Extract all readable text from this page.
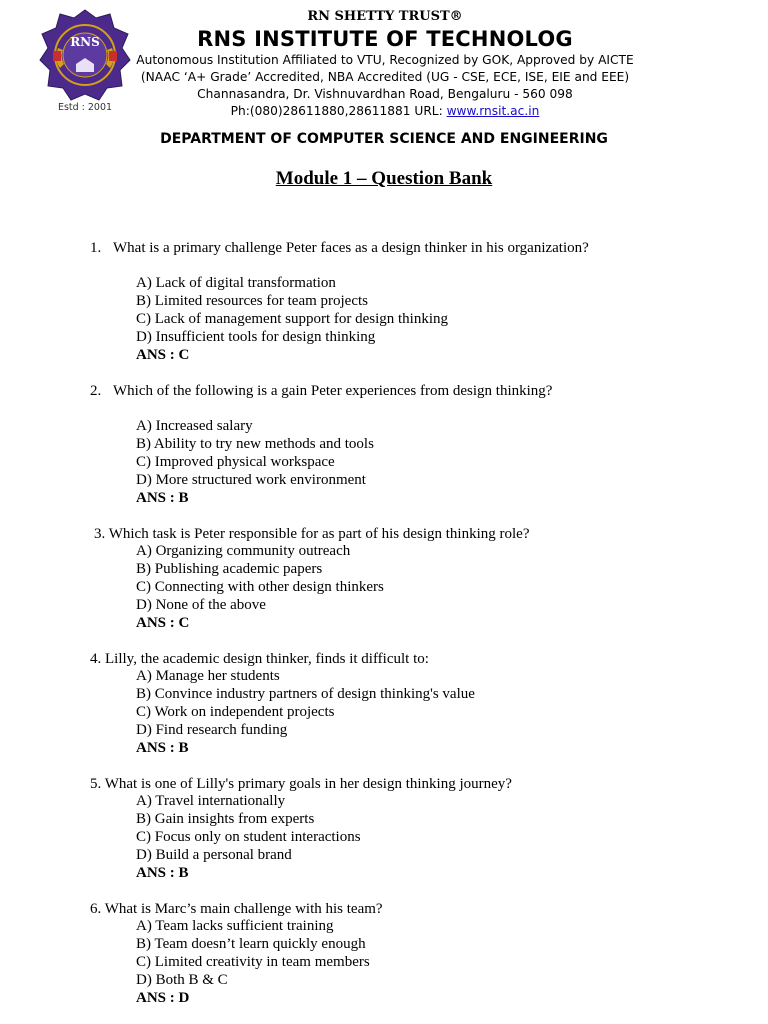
RNS
Estd : 2001
RN SHETTY TRUST®
RNS INSTITUTE OF TECHNOLOG
Autonomous Institution Affiliated to VTU, Recognized by GOK, Approved by AICTE
(NAAC ‘A+ Grade’ Accredited, NBA Accredited (UG - CSE, ECE, ISE, EIE and EEE)
Channasandra, Dr. Vishnuvardhan Road, Bengaluru - 560 098
Ph:(080)28611880,28611881 URL: www.rnsit.ac.in
DEPARTMENT OF COMPUTER SCIENCE AND ENGINEERING
Module 1 – Question Bank
1. What is a primary challenge Peter faces as a design thinker in his organization?
A) Lack of digital transformation
B) Limited resources for team projects
C) Lack of management support for design thinking
D) Insufficient tools for design thinking
ANS : C
2. Which of the following is a gain Peter experiences from design thinking?
A) Increased salary
B) Ability to try new methods and tools
C) Improved physical workspace
D) More structured work environment
ANS : B
3. Which task is Peter responsible for as part of his design thinking role?
A) Organizing community outreach
B) Publishing academic papers
C) Connecting with other design thinkers
D) None of the above
ANS : C
4. Lilly, the academic design thinker, finds it difficult to:
A) Manage her students
B) Convince industry partners of design thinking's value
C) Work on independent projects
D) Find research funding
ANS : B
5. What is one of Lilly's primary goals in her design thinking journey?
A) Travel internationally
B) Gain insights from experts
C) Focus only on student interactions
D) Build a personal brand
ANS : B
6. What is Marc’s main challenge with his team?
A) Team lacks sufficient training
B) Team doesn’t learn quickly enough
C) Limited creativity in team members
D) Both B & C
ANS : D
